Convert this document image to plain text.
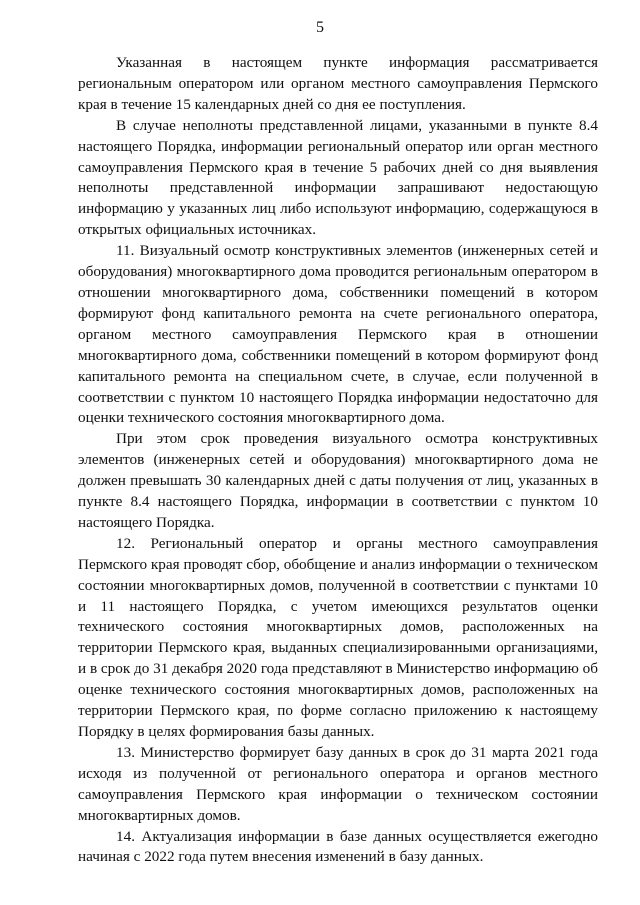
5

Указанная в настоящем пункте информация рассматривается региональным оператором или органом местного самоуправления Пермского края в течение 15 календарных дней со дня ее поступления.

В случае неполноты представленной лицами, указанными в пункте 8.4 настоящего Порядка, информации региональный оператор или орган местного самоуправления Пермского края в течение 5 рабочих дней со дня выявления неполноты представленной информации запрашивают недостающую информацию у указанных лиц либо используют информацию, содержащуюся в открытых официальных источниках.

11. Визуальный осмотр конструктивных элементов (инженерных сетей и оборудования) многоквартирного дома проводится региональным оператором в отношении многоквартирного дома, собственники помещений в котором формируют фонд капитального ремонта на счете регионального оператора, органом местного самоуправления Пермского края в отношении многоквартирного дома, собственники помещений в котором формируют фонд капитального ремонта на специальном счете, в случае, если полученной в соответствии с пунктом 10 настоящего Порядка информации недостаточно для оценки технического состояния многоквартирного дома.

При этом срок проведения визуального осмотра конструктивных элементов (инженерных сетей и оборудования) многоквартирного дома не должен превышать 30 календарных дней с даты получения от лиц, указанных в пункте 8.4 настоящего Порядка, информации в соответствии с пунктом 10 настоящего Порядка.

12. Региональный оператор и органы местного самоуправления Пермского края проводят сбор, обобщение и анализ информации о техническом состоянии многоквартирных домов, полученной в соответствии с пунктами 10 и 11 настоящего Порядка, с учетом имеющихся результатов оценки технического состояния многоквартирных домов, расположенных на территории Пермского края, выданных специализированными организациями, и в срок до 31 декабря 2020 года представляют в Министерство информацию об оценке технического состояния многоквартирных домов, расположенных на территории Пермского края, по форме согласно приложению к настоящему Порядку в целях формирования базы данных.

13. Министерство формирует базу данных в срок до 31 марта 2021 года исходя из полученной от регионального оператора и органов местного самоуправления Пермского края информации о техническом состоянии многоквартирных домов.

14. Актуализация информации в базе данных осуществляется ежегодно начиная с 2022 года путем внесения изменений в базу данных.
